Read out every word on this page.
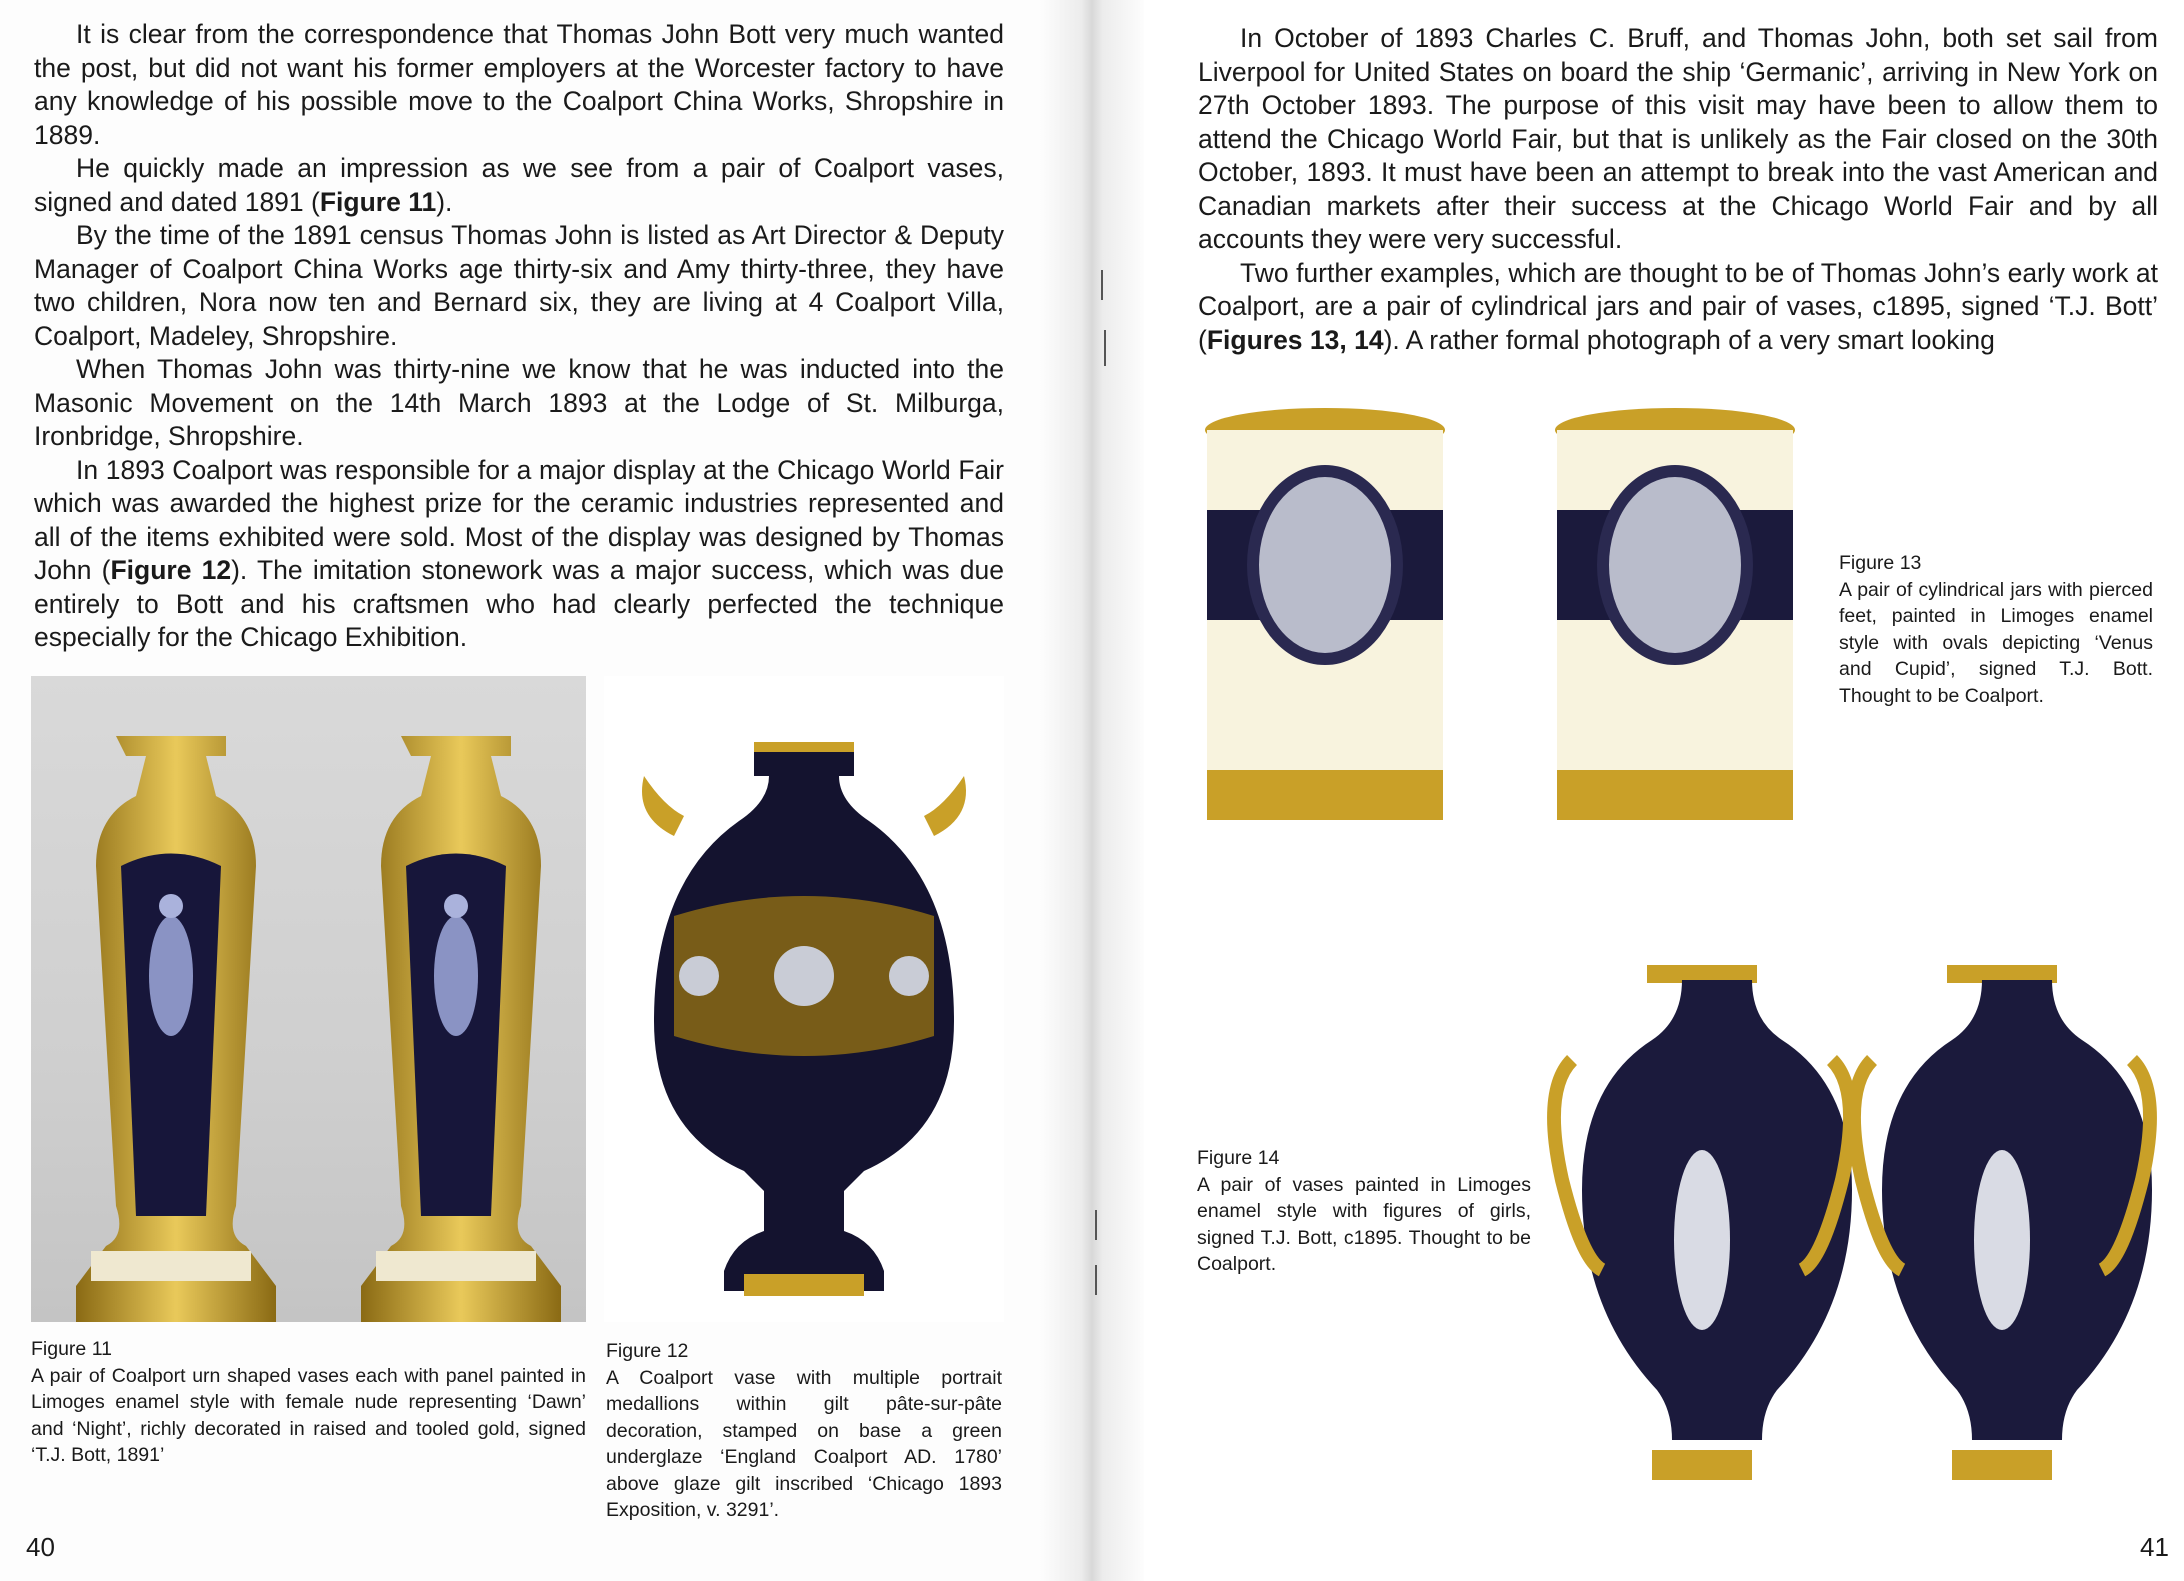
It is clear from the correspondence that Thomas John Bott very much wanted the post, but did not want his former employers at the Worcester factory to have any knowledge of his possible move to the Coalport China Works, Shropshire in 1889.

He quickly made an impression as we see from a pair of Coalport vases, signed and dated 1891 (Figure 11).

By the time of the 1891 census Thomas John is listed as Art Director & Deputy Manager of Coalport China Works age thirty-six and Amy thirty-three, they have two children, Nora now ten and Bernard six, they are living at 4 Coalport Villa, Coalport, Madeley, Shropshire.

When Thomas John was thirty-nine we know that he was inducted into the Masonic Movement on the 14th March 1893 at the Lodge of St. Milburga, Ironbridge, Shropshire.

In 1893 Coalport was responsible for a major display at the Chicago World Fair which was awarded the highest prize for the ceramic industries represented and all of the items exhibited were sold. Most of the display was designed by Thomas John (Figure 12). The imitation stonework was a major success, which was due entirely to Bott and his craftsmen who had clearly perfected the technique especially for the Chicago Exhibition.

Figure 11
A pair of Coalport urn shaped vases each with panel painted in Limoges enamel style with female nude representing ‘Dawn’ and ‘Night’, richly decorated in raised and tooled gold, signed ‘T.J. Bott, 1891’
Figure 12
A Coalport vase with multiple portrait medallions within gilt pâte-sur-pâte decoration, stamped on base a green underglaze ‘England Coalport AD. 1780’ above glaze gilt inscribed ‘Chicago 1893 Exposition, v. 3291’.
40

In October of 1893 Charles C. Bruff, and Thomas John, both set sail from Liverpool for United States on board the ship ‘Germanic’, arriving in New York on 27th October 1893. The purpose of this visit may have been to allow them to attend the Chicago World Fair, but that is unlikely as the Fair closed on the 30th October, 1893. It must have been an attempt to break into the vast American and Canadian markets after their success at the Chicago World Fair and by all accounts they were very successful.

Two further examples, which are thought to be of Thomas John’s early work at Coalport, are a pair of cylindrical jars and pair of vases, c1895, signed ‘T.J. Bott’ (Figures 13, 14). A rather formal photograph of a very smart looking

Figure 13
A pair of cylindrical jars with pierced feet, painted in Limoges enamel style with ovals depicting ‘Venus and Cupid’, signed T.J. Bott. Thought to be Coalport.
Figure 14
A pair of vases painted in Limoges enamel style with figures of girls, signed T.J. Bott, c1895. Thought to be Coalport.
41
